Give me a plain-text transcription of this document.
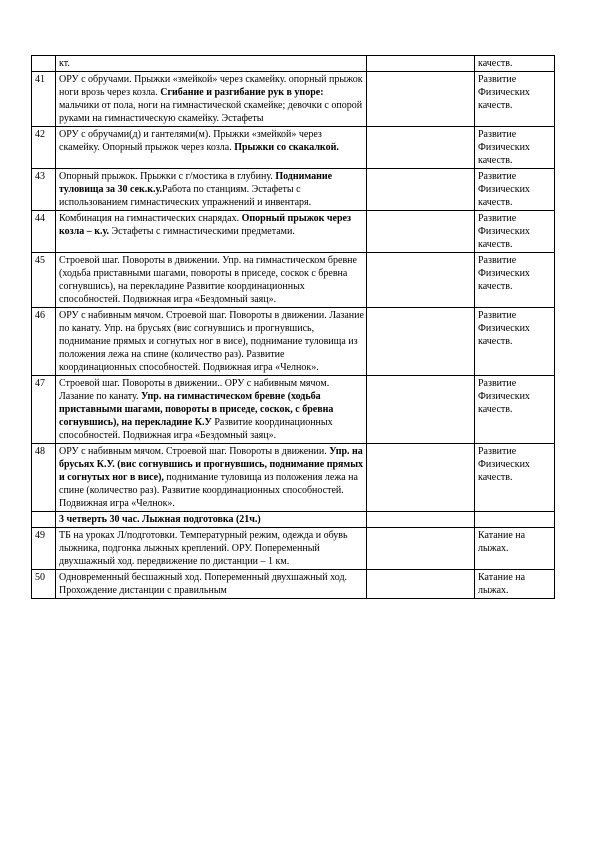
	кт.		качеств.
41	ОРУ с обручами. Прыжки «змейкой» через скамейку. опорный прыжок ноги врозь через козла. Сгибание и разгибание рук в упоре: мальчики от пола, ноги на гимнастической скамейке; девочки с опорой руками на гимнастическую скамейку. Эстафеты		Развитие Физических качеств.
42	ОРУ с обручами(д) и гантелями(м). Прыжки «змейкой» через скамейку. Опорный прыжок через козла. Прыжки со скакалкой.		Развитие Физических качеств.
43	Опорный прыжок. Прыжки с г/мостика в глубину. Поднимание туловища за 30 сек.к.у.Работа по станциям. Эстафеты с использованием гимнастических упражнений и инвентаря.		Развитие Физических качеств.
44	Комбинация на гимнастических снарядах. Опорный прыжок через козла – к.у. Эстафеты с гимнастическими предметами.		Развитие Физических качеств.
45	Строевой шаг. Повороты в движении. Упр. на гимнастическом бревне (ходьба приставными шагами, повороты в приседе, соскок с бревна согнувшись), на перекладине Развитие координационных способностей. Подвижная игра «Бездомный заяц».		Развитие Физических качеств.
46	ОРУ с набивным мячом. Строевой шаг. Повороты в движении. Лазание по канату. Упр. на брусьях (вис согнувшись и прогнувшись, поднимание прямых и согнутых ног в висе), поднимание туловища из положения лежа на спине (количество раз). Развитие координационных способностей. Подвижная игра «Челнок».		Развитие Физических качеств.
47	Строевой шаг. Повороты в движении.. ОРУ с набивным мячом. Лазание по канату. Упр. на гимнастическом бревне (ходьба приставными шагами, повороты в приседе, соскок, с бревна согнувшись), на перекладине К.У Развитие координационных способностей. Подвижная игра «Бездомный заяц».		Развитие Физических качеств.
48	ОРУ с набивным мячом. Строевой шаг. Повороты в движении. Упр. на брусьях К.У. (вис согнувшись и прогнувшись, поднимание прямых и согнутых ног в висе), поднимание туловища из положения лежа на спине (количество раз). Развитие координационных способностей. Подвижная игра «Челнок».		Развитие Физических качеств.
	3 четверть 30 час. Лыжная подготовка (21ч.)		
49	ТБ на уроках Л/подготовки. Температурный режим, одежда и обувь лыжника, подгонка лыжных креплений. ОРУ. Попеременный двухшажный ход. передвижение по дистанции – 1 км.		Катание на лыжах.
50	Одновременный бесшажный ход. Попеременный двухшажный ход. Прохождение дистанции с правильным		Катание на лыжах.
